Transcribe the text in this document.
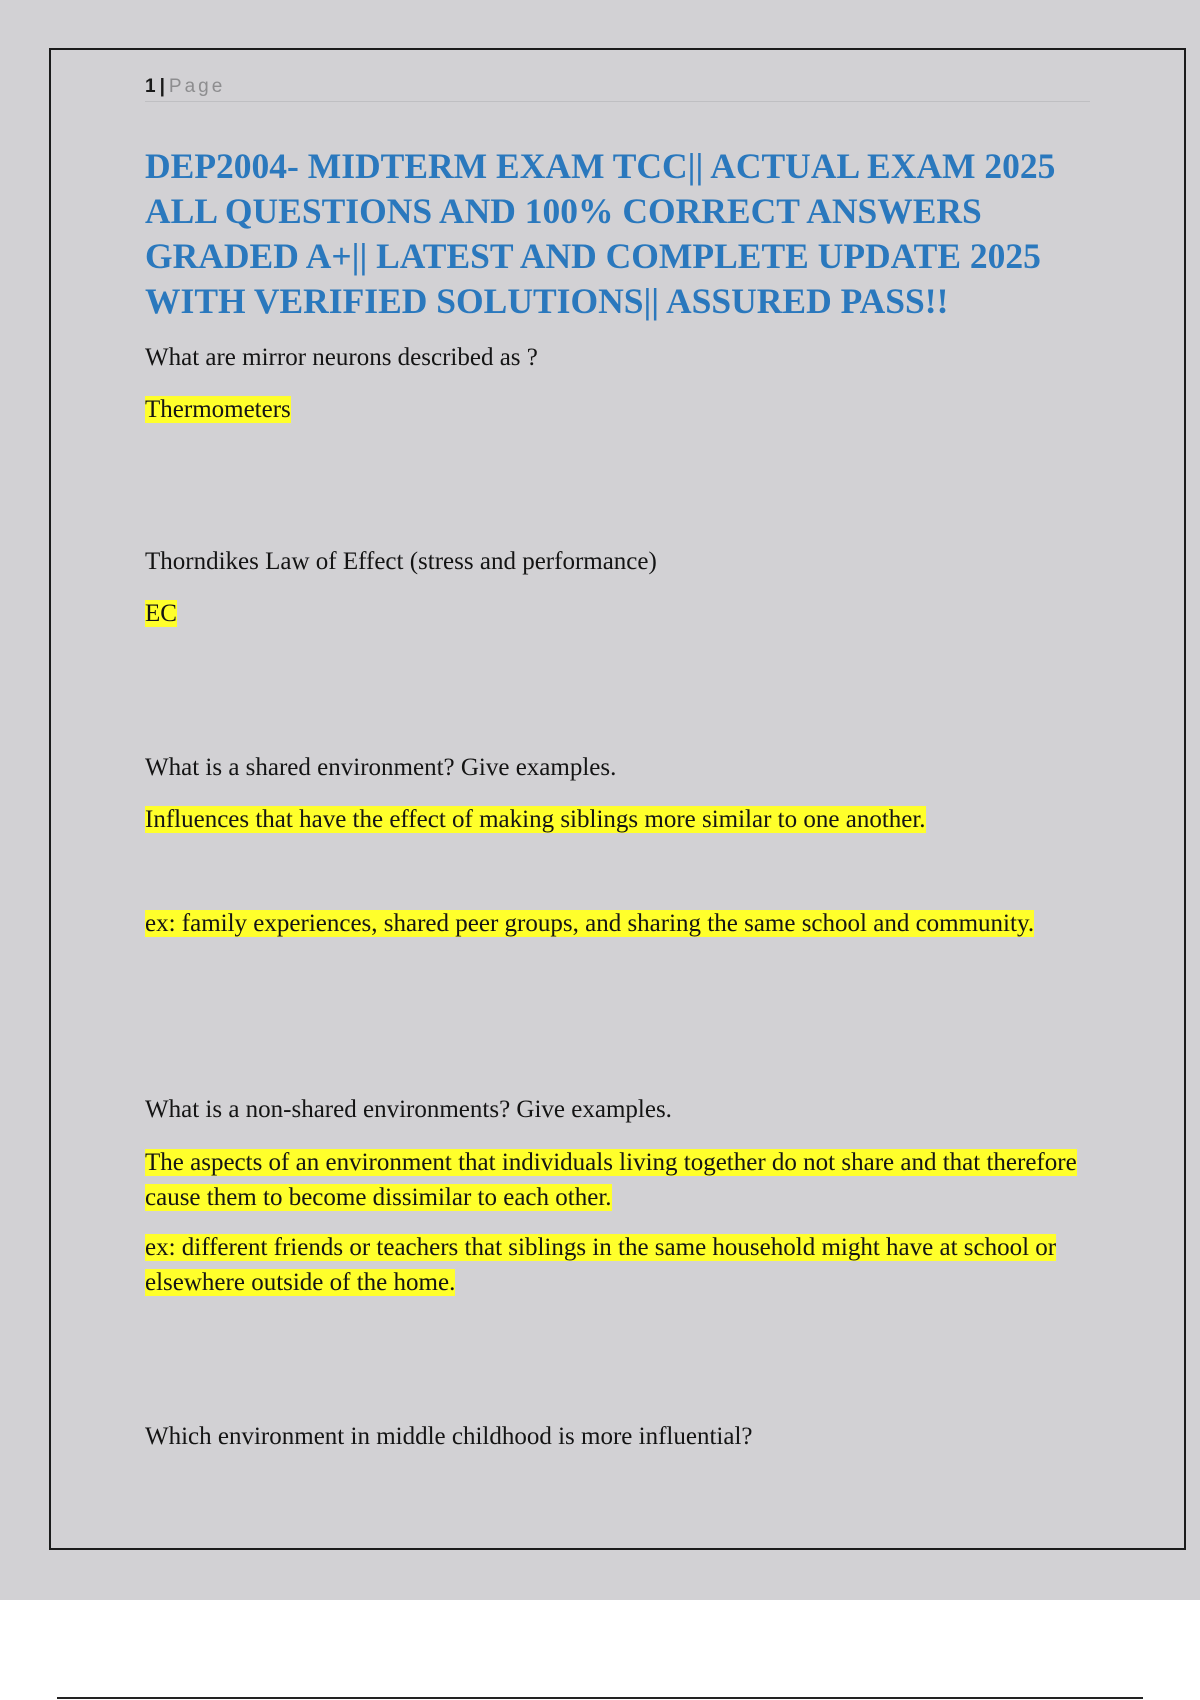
1 | Page
DEP2004- MIDTERM EXAM TCC|| ACTUAL EXAM 2025 ALL QUESTIONS AND 100% CORRECT ANSWERS GRADED A+|| LATEST AND COMPLETE UPDATE 2025 WITH VERIFIED SOLUTIONS|| ASSURED PASS!!

What are mirror neurons described as ?

Thermometers

Thorndikes Law of Effect (stress and performance)

EC

What is a shared environment? Give examples.

Influences that have the effect of making siblings more similar to one another.

ex: family experiences, shared peer groups, and sharing the same school and community.

What is a non-shared environments? Give examples.

The aspects of an environment that individuals living together do not share and that therefore cause them to become dissimilar to each other.

ex: different friends or teachers that siblings in the same household might have at school or elsewhere outside of the home.

Which environment in middle childhood is more influential?
